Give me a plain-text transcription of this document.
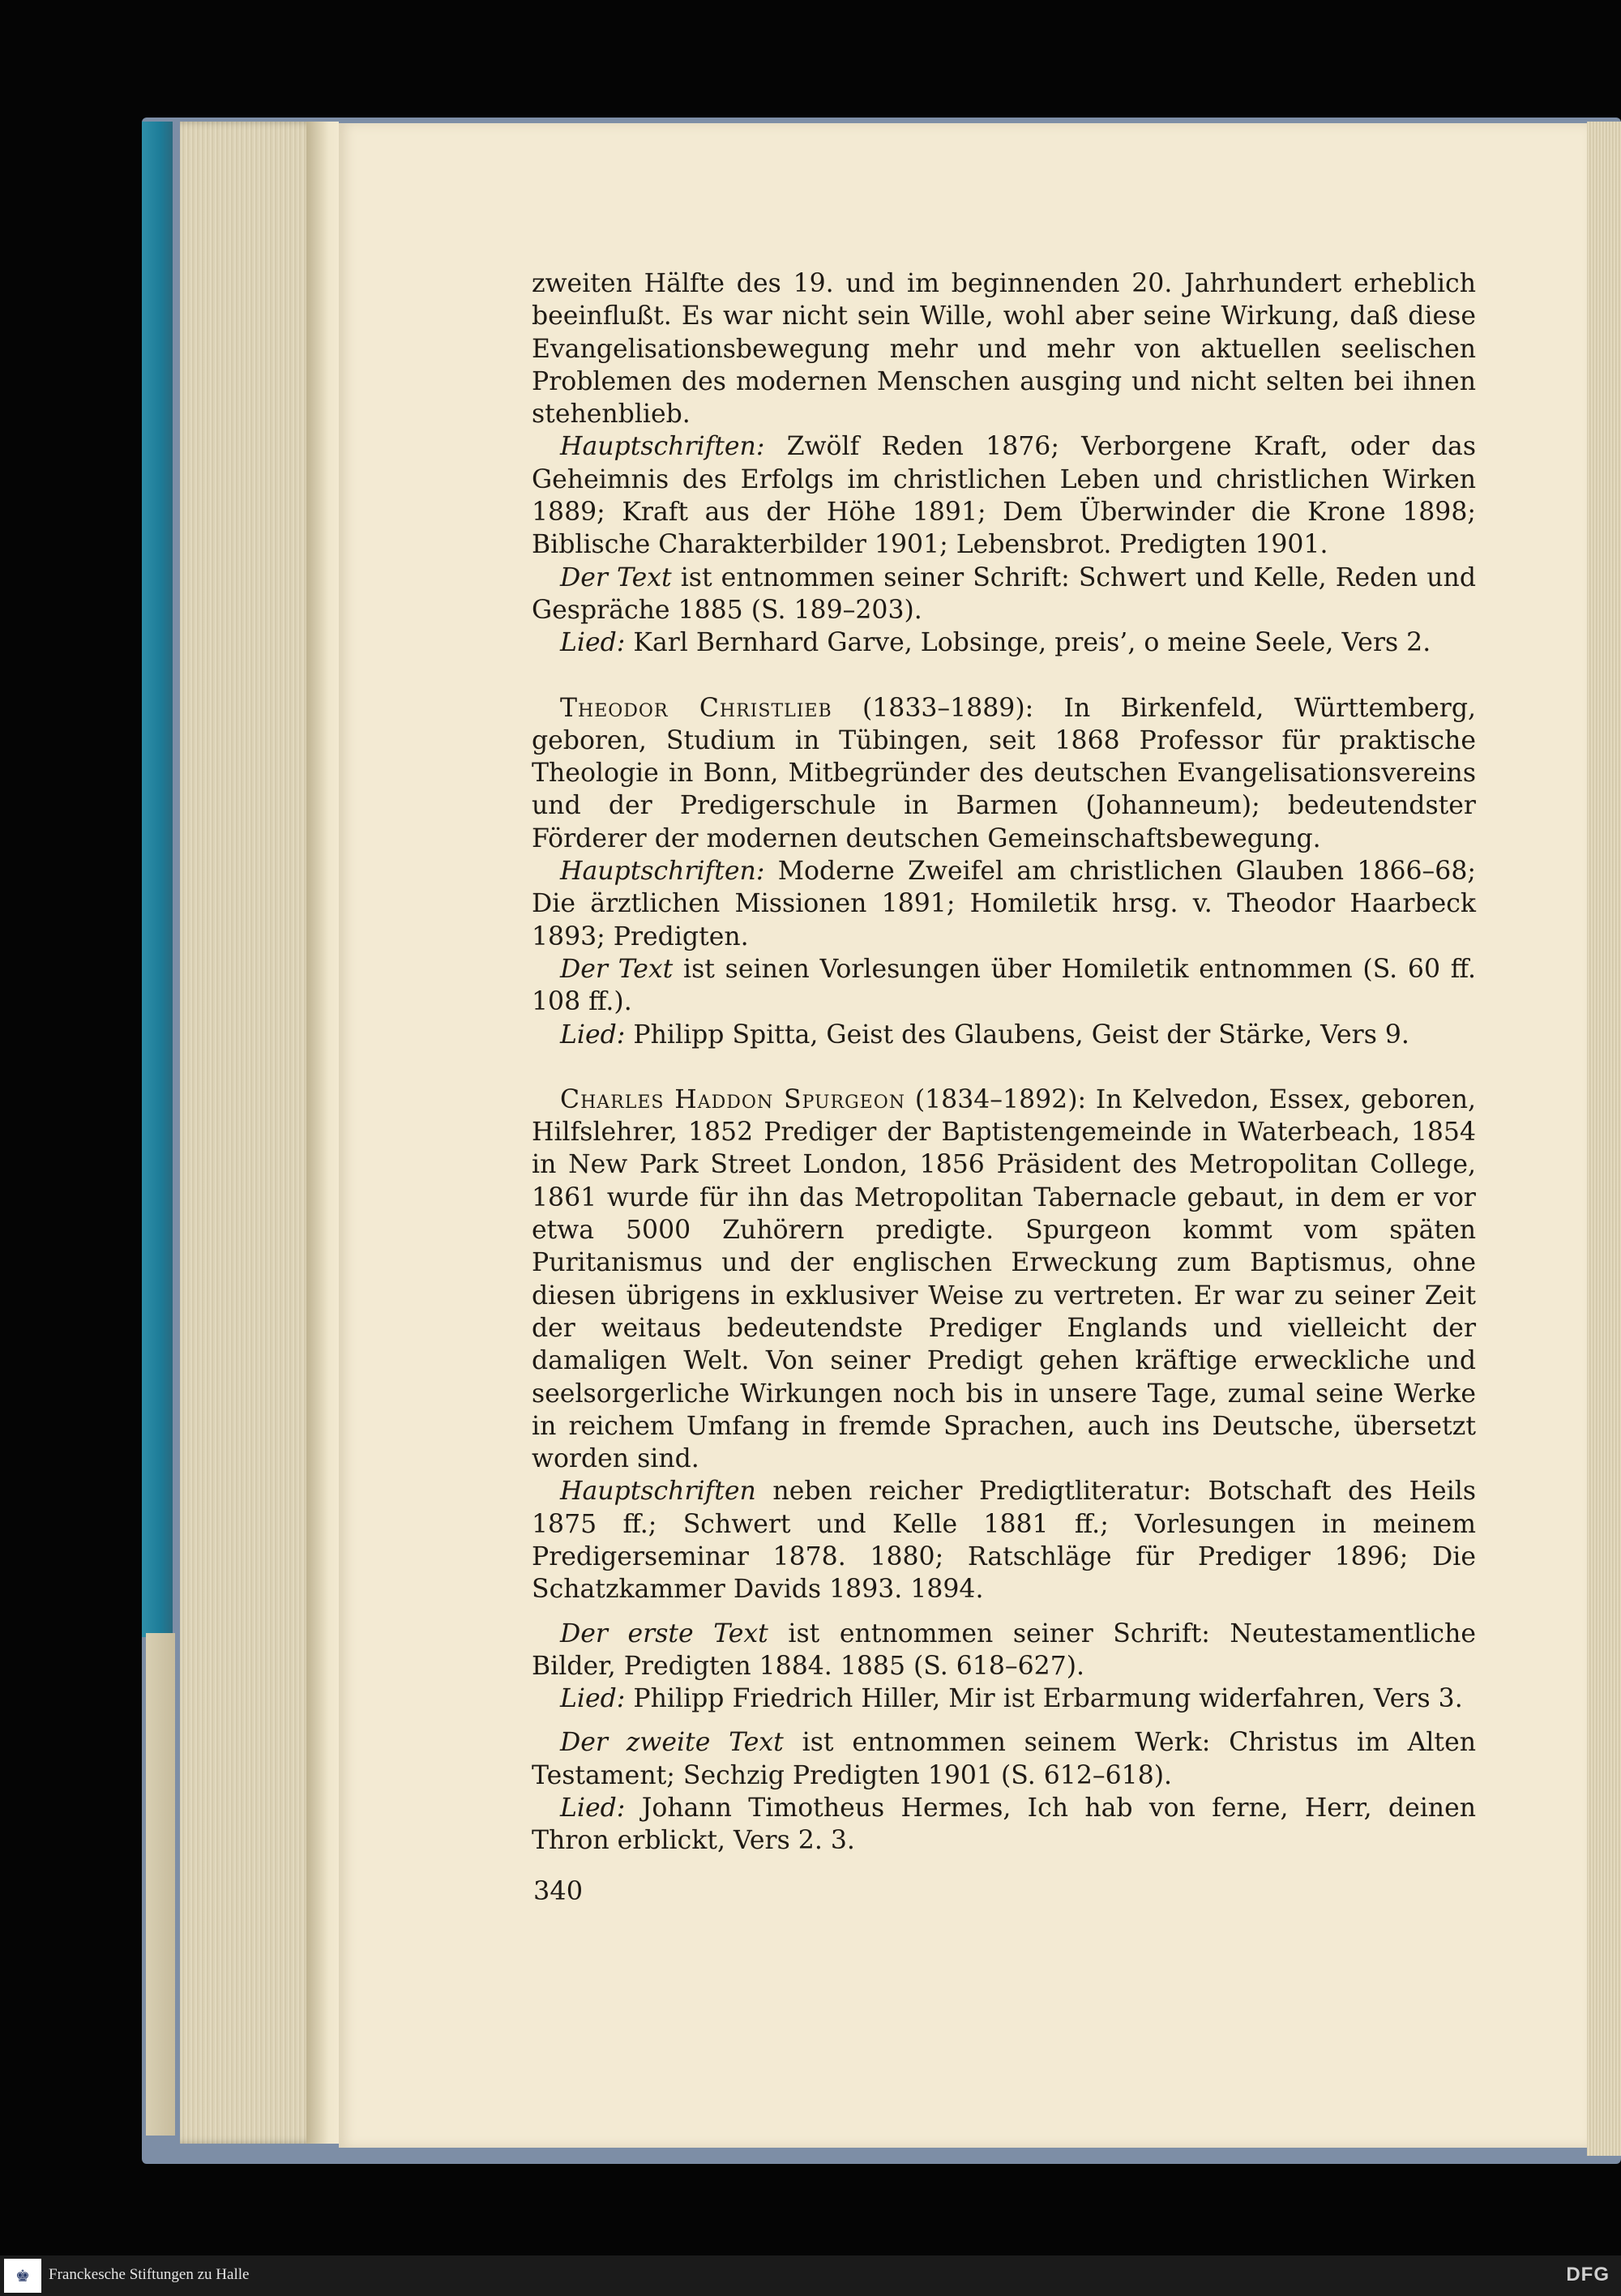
zweiten Hälfte des 19. und im beginnenden 20. Jahrhundert erheblich beeinflußt. Es war nicht sein Wille, wohl aber seine Wirkung, daß diese Evangelisationsbewegung mehr und mehr von aktuellen seelischen Problemen des modernen Menschen ausging und nicht selten bei ihnen stehenblieb.

Hauptschriften: Zwölf Reden 1876; Verborgene Kraft, oder das Geheimnis des Erfolgs im christlichen Leben und christlichen Wirken 1889; Kraft aus der Höhe 1891; Dem Überwinder die Krone 1898; Biblische Charakterbilder 1901; Lebensbrot. Predigten 1901.

Der Text ist entnommen seiner Schrift: Schwert und Kelle, Reden und Gespräche 1885 (S. 189–203).

Lied: Karl Bernhard Garve, Lobsinge, preis’, o meine Seele, Vers 2.

Theodor Christlieb (1833–1889): In Birkenfeld, Württemberg, geboren, Studium in Tübingen, seit 1868 Professor für praktische Theologie in Bonn, Mitbegründer des deutschen Evangelisationsvereins und der Predigerschule in Barmen (Johanneum); bedeutendster Förderer der modernen deutschen Gemeinschaftsbewegung.

Hauptschriften: Moderne Zweifel am christlichen Glauben 1866–68; Die ärztlichen Missionen 1891; Homiletik hrsg. v. Theodor Haarbeck 1893; Predigten.

Der Text ist seinen Vorlesungen über Homiletik entnommen (S. 60 ff. 108 ff.).

Lied: Philipp Spitta, Geist des Glaubens, Geist der Stärke, Vers 9.

Charles Haddon Spurgeon (1834–1892): In Kelvedon, Essex, geboren, Hilfslehrer, 1852 Prediger der Baptistengemeinde in Waterbeach, 1854 in New Park Street London, 1856 Präsident des Metropolitan College, 1861 wurde für ihn das Metropolitan Tabernacle gebaut, in dem er vor etwa 5000 Zuhörern predigte. Spurgeon kommt vom späten Puritanismus und der englischen Erweckung zum Baptismus, ohne diesen übrigens in exklusiver Weise zu vertreten. Er war zu seiner Zeit der weitaus bedeutendste Prediger Englands und vielleicht der damaligen Welt. Von seiner Predigt gehen kräftige erweckliche und seelsorgerliche Wirkungen noch bis in unsere Tage, zumal seine Werke in reichem Umfang in fremde Sprachen, auch ins Deutsche, übersetzt worden sind.

Hauptschriften neben reicher Predigtliteratur: Botschaft des Heils 1875 ff.; Schwert und Kelle 1881 ff.; Vorlesungen in meinem Predigerseminar 1878. 1880; Ratschläge für Prediger 1896; Die Schatzkammer Davids 1893. 1894.

Der erste Text ist entnommen seiner Schrift: Neutestamentliche Bilder, Predigten 1884. 1885 (S. 618–627).

Lied: Philipp Friedrich Hiller, Mir ist Erbarmung widerfahren, Vers 3.

Der zweite Text ist entnommen seinem Werk: Christus im Alten Testament; Sechzig Predigten 1901 (S. 612–618).

Lied: Johann Timotheus Hermes, Ich hab von ferne, Herr, deinen Thron erblickt, Vers 2. 3.

340
♚	Franckesche Stiftungen zu Halle	DFG
